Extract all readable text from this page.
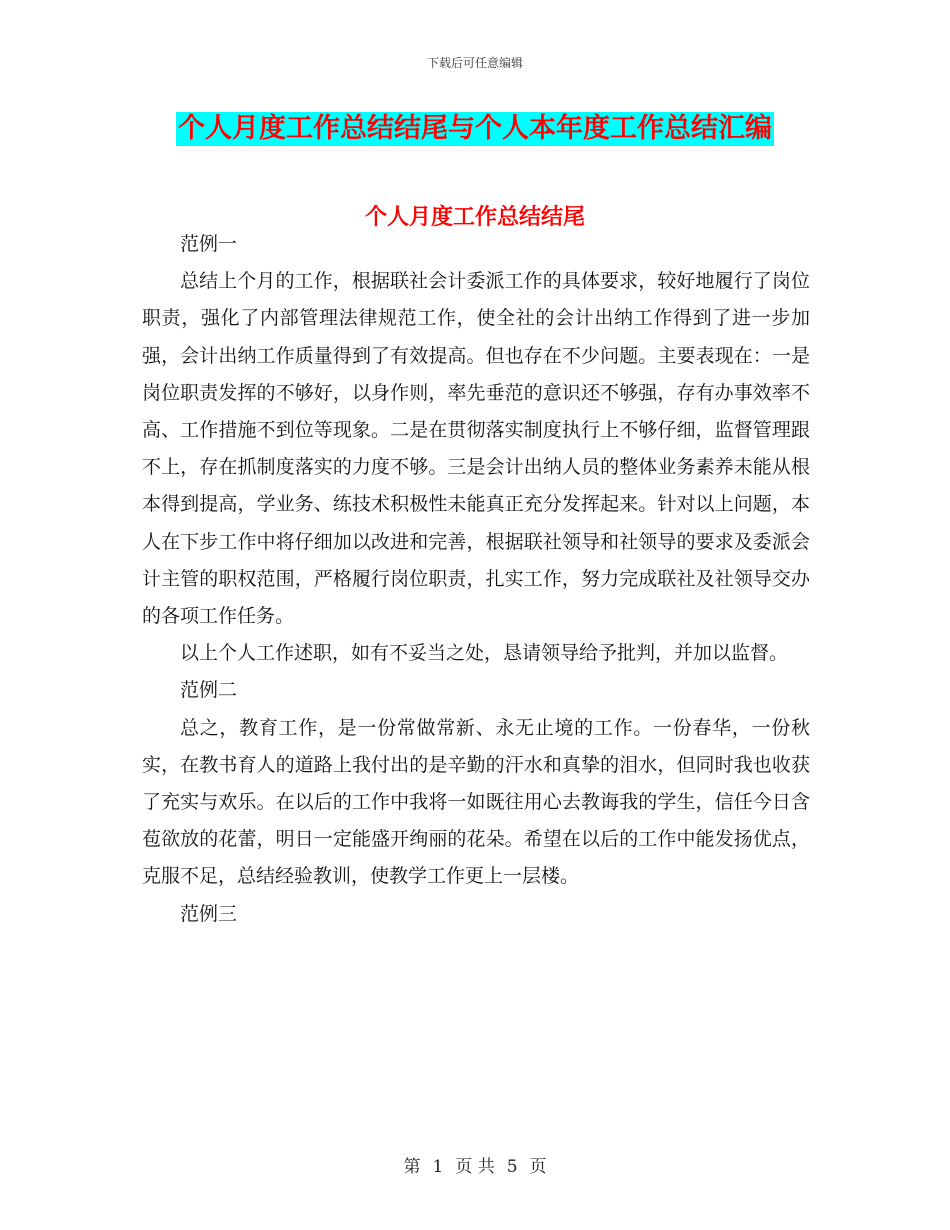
下载后可任意编辑
个人月度工作总结结尾与个人本年度工作总结汇编
个人月度工作总结结尾

范例一

总结上个月的工作，根据联社会计委派工作的具体要求，较好地履行了岗位职责，强化了内部管理法律规范工作，使全社的会计出纳工作得到了进一步加强，会计出纳工作质量得到了有效提高。但也存在不少问题。主要表现在：一是岗位职责发挥的不够好，以身作则，率先垂范的意识还不够强，存有办事效率不高、工作措施不到位等现象。二是在贯彻落实制度执行上不够仔细，监督管理跟不上，存在抓制度落实的力度不够。三是会计出纳人员的整体业务素养未能从根本得到提高，学业务、练技术积极性未能真正充分发挥起来。针对以上问题，本人在下步工作中将仔细加以改进和完善，根据联社领导和社领导的要求及委派会计主管的职权范围，严格履行岗位职责，扎实工作，努力完成联社及社领导交办的各项工作任务。

以上个人工作述职，如有不妥当之处，恳请领导给予批判，并加以监督。

范例二

总之，教育工作，是一份常做常新、永无止境的工作。一份春华，一份秋实，在教书育人的道路上我付出的是辛勤的汗水和真挚的泪水，但同时我也收获了充实与欢乐。在以后的工作中我将一如既往用心去教诲我的学生，信任今日含苞欲放的花蕾，明日一定能盛开绚丽的花朵。希望在以后的工作中能发扬优点，克服不足，总结经验教训，使教学工作更上一层楼。

范例三

第 1 页 共 5 页
